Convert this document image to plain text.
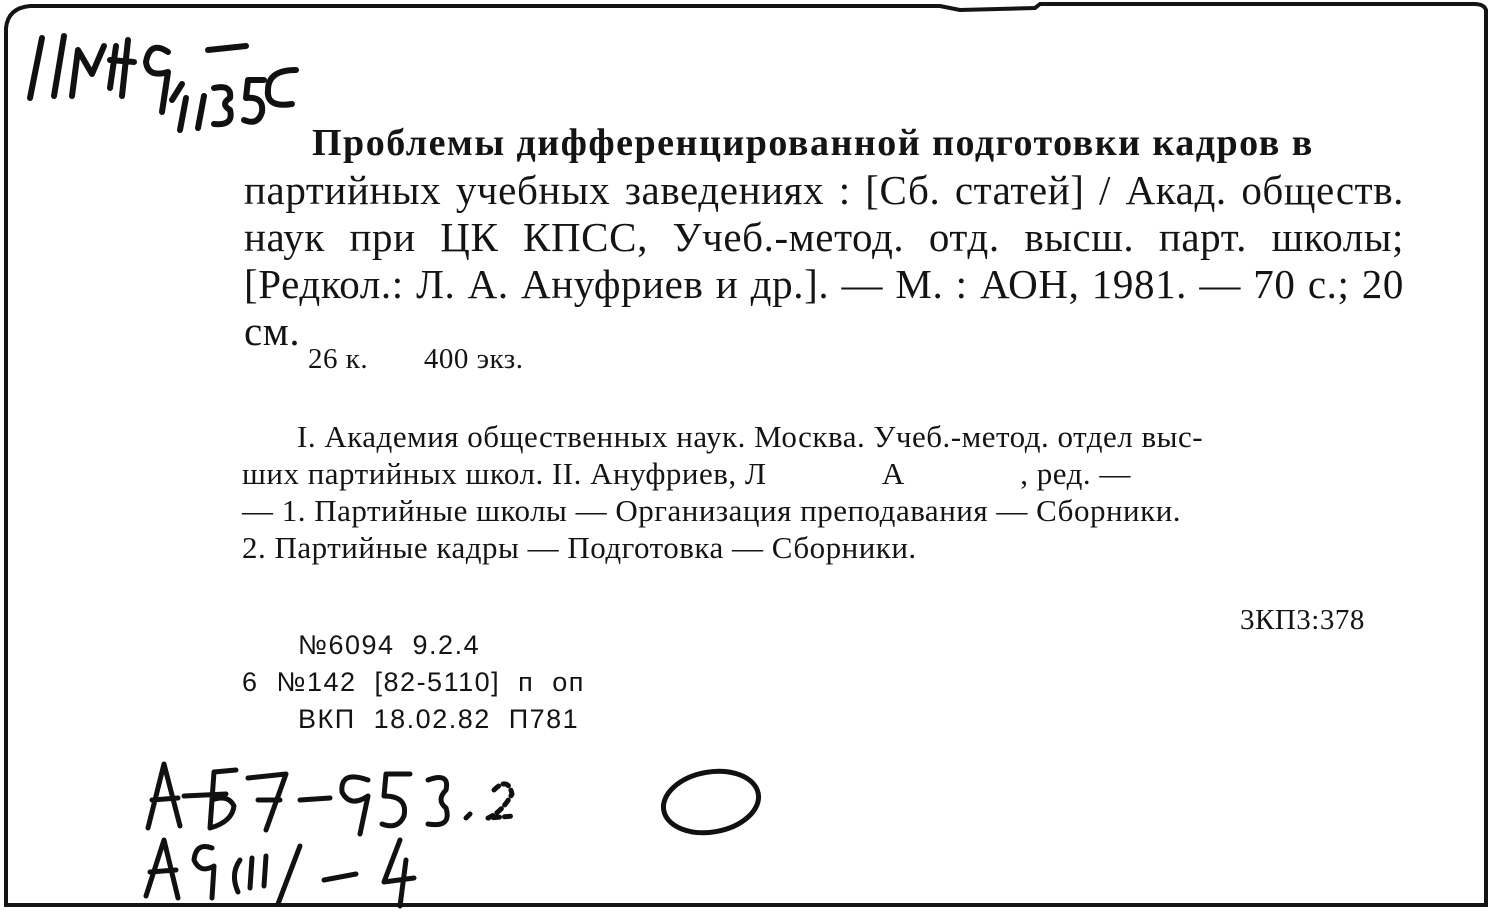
Проблемы дифференцированной подготовки кадров в
партийных учебных заведениях : [Сб. статей] / Акад. обществ. наук при ЦК КПСС, Учеб.-метод. отд. высш. парт. школы; [Редкол.: Л. А. Ануфриев и др.]. — М. : АОН, 1981. — 70 с.; 20 см.
26 к. 400 экз.
I. Академия общественных наук. Москва. Учеб.-метод. отдел выс-
ших партийных школ. II. Ануфриев, Л              А              , ред. —
— 1. Партийные школы — Организация преподавания — Сборники.
2. Партийные кадры — Подготовка — Сборники.
3КП3:378
№6094  9.2.4
6  №142  [82-5110]  п  оп
ВКП  18.02.82  П781
